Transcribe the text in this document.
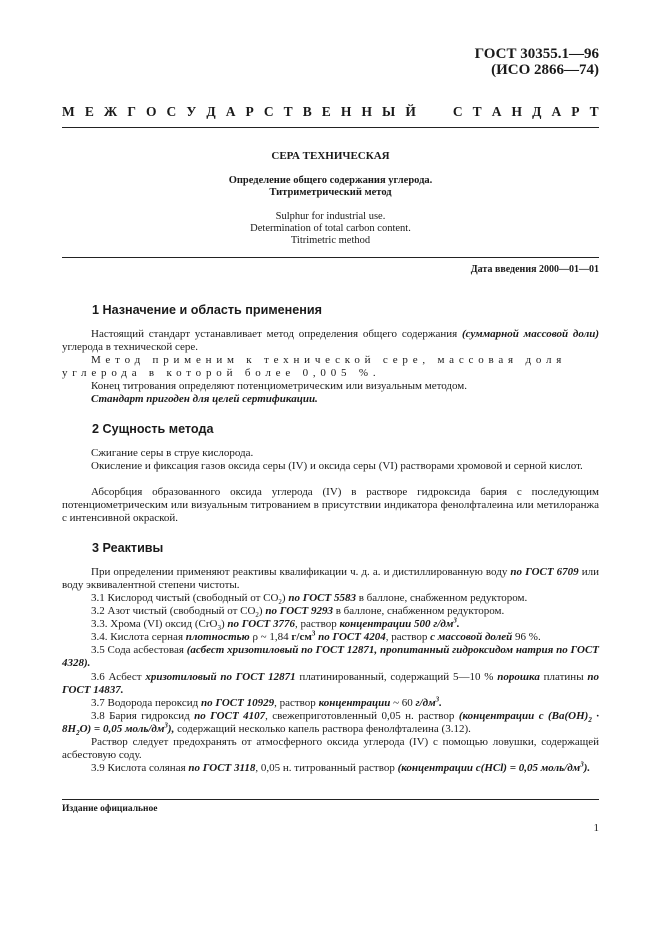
ГОСТ 30355.1—96
(ИСО 2866—74)
М Е Ж Г О С У Д А Р С Т В Е Н Н Ы Й

	С Т А Н Д А Р Т
СЕРА ТЕХНИЧЕСКАЯ
Определение общего содержания углерода.
Титриметрический метод
Sulphur for industrial use.
Determination of total carbon content.
Titrimetric method
Дата введения 2000—01—01
1 Назначение и область применения

Настоящий стандарт устанавливает метод определения общего содержания (суммарной массовой доли) углерода в технической сере.

Метод применим к технической сере, массовая доля углерода в которой более 0,005 %.

Конец титрования определяют потенциометрическим или визуальным методом.

Стандарт пригоден для целей сертификации.

2 Сущность метода

Сжигание серы в струе кислорода.

Окисление и фиксация газов оксида серы (IV) и оксида серы (VI) растворами хромовой и серной кислот.

Абсорбция образованного оксида углерода (IV) в растворе гидроксида бария с последующим потенциометрическим или визуальным титрованием в присутствии индикатора фенолфталеина или метилоранжа с интенсивной окраской.

3 Реактивы

При определении применяют реактивы квалификации ч. д. а. и дистиллированную воду по ГОСТ 6709 или воду эквивалентной степени чистоты.

3.1 Кислород чистый (свободный от $CO_2$) по ГОСТ 5583 в баллоне, снабженном редуктором.

3.2 Азот чистый (свободный от $CO_2$) по ГОСТ 9293 в баллоне, снабженном редуктором.

3.3. Хрома (VI) оксид (CrO$_3$) по ГОСТ 3776, раствор концентрации 500 $г/дм^3$.

3.4. Кислота серная плотностью ρ ~ 1,84 $г/см^3$ по ГОСТ 4204, раствор с массовой долей 96 %.

3.5 Сода асбестовая (асбест хризотиловый по ГОСТ 12871, пропитанный гидроксидом натрия по ГОСТ 4328).

3.6 Асбест хризотиловый по ГОСТ 12871 платинированный, содержащий 5—10 % порошка платины по ГОСТ 14837.

3.7 Водорода пероксид по ГОСТ 10929, раствор концентрации ~ 60 $г/дм^3$.

3.8 Бария гидроксид по ГОСТ 4107, свежеприготовленный 0,05 н. раствор (концентрации с $(Ba(OH)_2 \cdot 8H_2O) = 0,05$ моль/$дм^3$), содержащий несколько капель раствора фенолфталеина (3.12).

Раствор следует предохранять от атмосферного оксида углерода (IV) с помощью ловушки, содержащей асбестовую соду.

3.9 Кислота соляная по ГОСТ 3118, 0,05 н. титрованный раствор (концентрации c(HCl) = 0,05 моль/$дм^3$).

Издание официальное
1
